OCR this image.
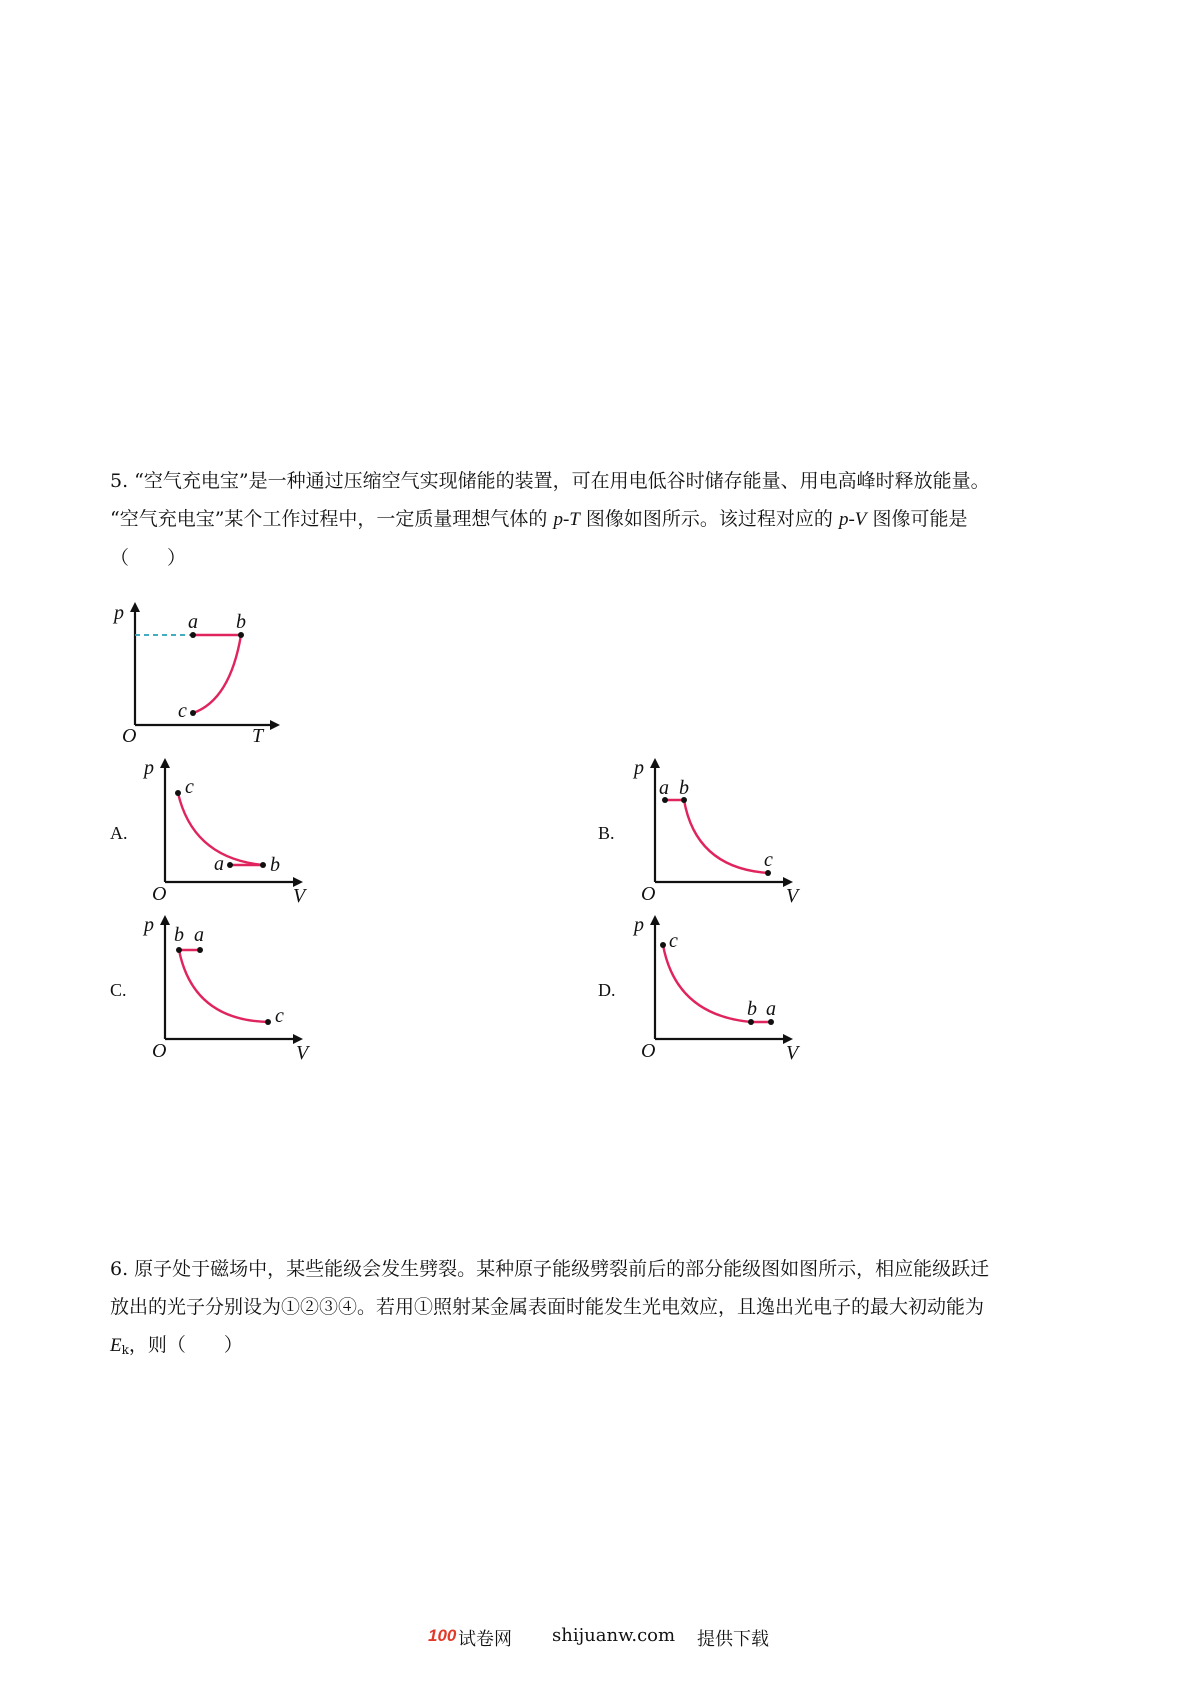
5. “空气充电宝”是一种通过压缩空气实现储能的装置，可在用电低谷时储存能量、用电高峰时释放能量。
“空气充电宝”某个工作过程中，一定质量理想气体的 p-T 图像如图所示。该过程对应的 p-V 图像可能是
（　　）
p
T
O
a b
c
A.
p
V
O
c
a b
B.
p
V
O
a b
c
C.
p
V
O
b a
c
D.
p
V
O
c
b a
6. 原子处于磁场中，某些能级会发生劈裂。某种原子能级劈裂前后的部分能级图如图所示，相应能级跃迁
放出的光子分别设为①②③④。若用①照射某金属表面时能发生光电效应，且逸出光电子的最大初动能为
$E_k$，则（　　）
100 试卷网 shijuanw.com 提供下载
